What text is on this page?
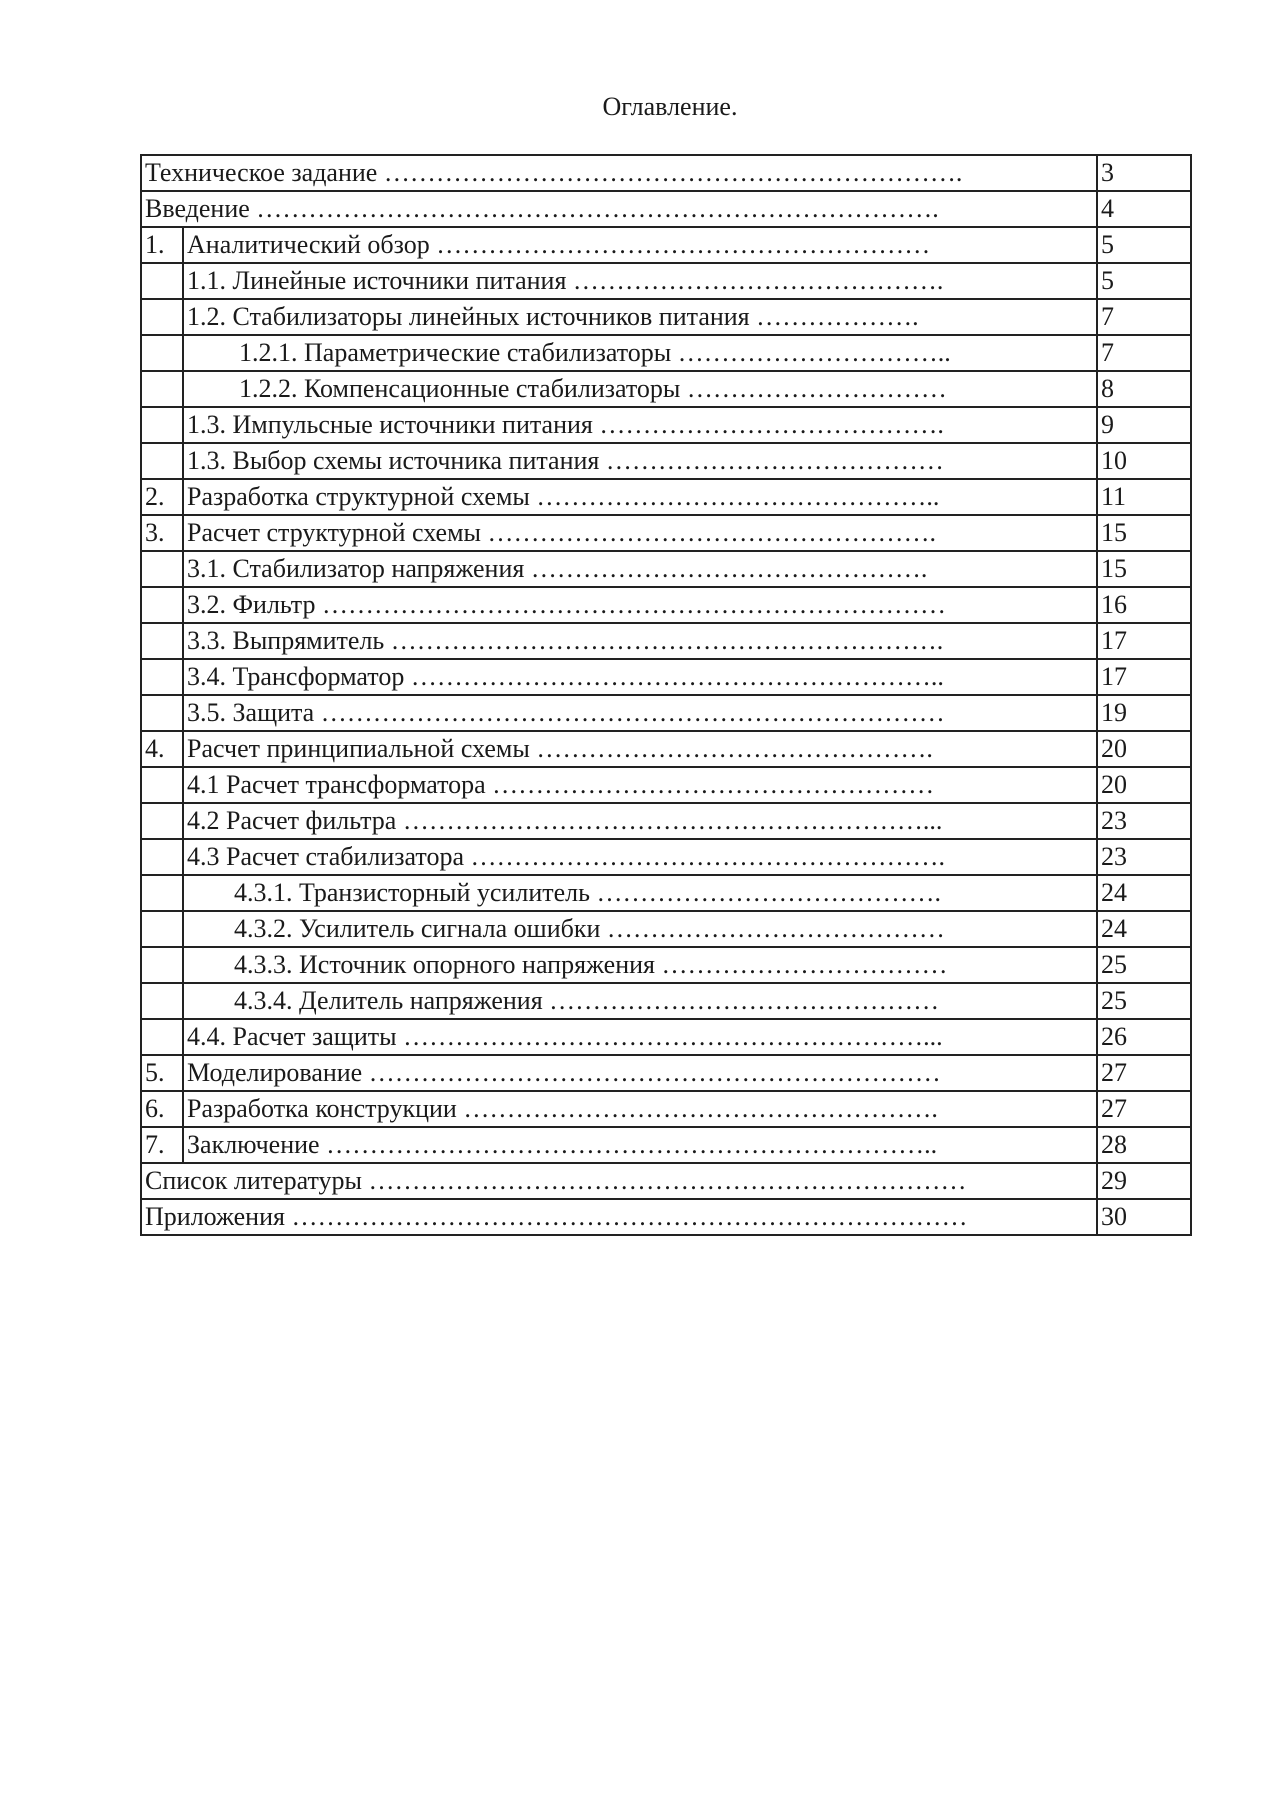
Оглавление.
Техническое задание ………………………………………………………….		3
Введение …………………………………………………………………….		4
1.	Аналитический обзор …………………………………………………	5
	1.1. Линейные источники питания …………………………………….	5
	1.2. Стабилизаторы линейных источников питания ……………….	7
	1.2.1. Параметрические стабилизаторы …………………………..	7
	1.2.2. Компенсационные стабилизаторы …………………………	8
	1.3. Импульсные источники питания ………………………………….	9
	1.3. Выбор схемы источника питания …………………………………	10
2.	Разработка структурной схемы ………………………………………..	11
3.	Расчет структурной схемы …………………………………………….	15
	3.1. Стабилизатор напряжения ……………………………………….	15
	3.2. Фильтр ………………………………………………………………	16
	3.3. Выпрямитель ……………………………………………………….	17
	3.4. Трансформатор ……………………………………………………..	17
	3.5. Защита ………………………………………………………………	19
4.	Расчет принципиальной схемы ……………………………………….	20
	4.1 Расчет трансформатора ……………………………………………	20
	4.2 Расчет фильтра ……………………………………………………...	23
	4.3 Расчет стабилизатора ……………………………………………….	23
	4.3.1. Транзисторный усилитель ………………………………….	24
	4.3.2. Усилитель сигнала ошибки …………………………………	24
	4.3.3. Источник опорного напряжения ……………………………	25
	4.3.4. Делитель напряжения ………………………………………	25
	4.4. Расчет защиты ……………………………………………………...	26
5.	Моделирование …………………………………………………………	27
6.	Разработка конструкции ……………………………………………….	27
7.	Заключение ……………………………………………………………..	28
Список литературы ……………………………………………………………		29
Приложения ……………………………………………………………………		30
